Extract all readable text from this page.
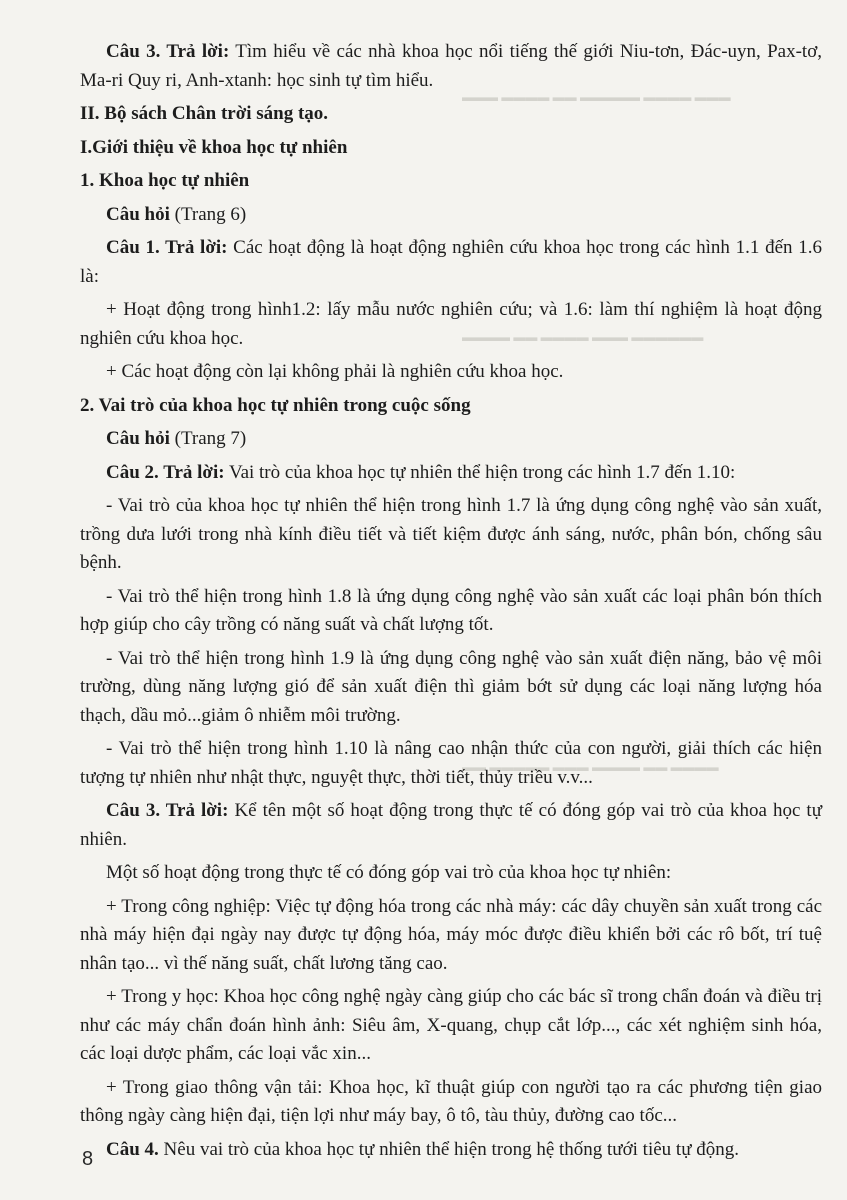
▬▬▬ ▬▬▬▬ ▬▬ ▬▬▬▬▬ ▬▬▬▬ ▬▬▬
▬▬▬▬ ▬▬ ▬▬▬▬ ▬▬▬ ▬▬▬▬▬▬
▬▬ ▬▬▬▬▬ ▬▬▬ ▬▬▬▬ ▬▬ ▬▬▬▬

Câu 3. Trả lời: Tìm hiểu về các nhà khoa học nổi tiếng thế giới Niu-tơn, Đác-uyn, Pax-tơ, Ma-ri Quy ri, Anh-xtanh: học sinh tự tìm hiểu.

II. Bộ sách Chân trời sáng tạo.

I.Giới thiệu về khoa học tự nhiên

1. Khoa học tự nhiên

Câu hỏi (Trang 6)

Câu 1. Trả lời: Các hoạt động là hoạt động nghiên cứu khoa học trong các hình 1.1 đến 1.6 là:

+ Hoạt động trong hình1.2: lấy mẫu nước nghiên cứu; và 1.6: làm thí nghiệm là hoạt động nghiên cứu khoa học.

+ Các hoạt động còn lại không phải là nghiên cứu khoa học.

2. Vai trò của khoa học tự nhiên trong cuộc sống

Câu hỏi (Trang 7)

Câu 2. Trả lời: Vai trò của khoa học tự nhiên thể hiện trong các hình 1.7 đến 1.10:

- Vai trò của khoa học tự nhiên thể hiện trong hình 1.7 là ứng dụng công nghệ vào sản xuất, trồng dưa lưới trong nhà kính điều tiết và tiết kiệm được ánh sáng, nước, phân bón, chống sâu bệnh.

- Vai trò thể hiện trong hình 1.8 là ứng dụng công nghệ vào sản xuất các loại phân bón thích hợp giúp cho cây trồng có năng suất và chất lượng tốt.

- Vai trò thể hiện trong hình 1.9 là ứng dụng công nghệ vào sản xuất điện năng, bảo vệ môi trường, dùng năng lượng gió để sản xuất điện thì giảm bớt sử dụng các loại năng lượng hóa thạch, dầu mỏ...giảm ô nhiễm môi trường.

- Vai trò thể hiện trong hình 1.10 là nâng cao nhận thức của con người, giải thích các hiện tượng tự nhiên như nhật thực, nguyệt thực, thời tiết, thủy triều v.v...

Câu 3. Trả lời: Kể tên một số hoạt động trong thực tế có đóng góp vai trò của khoa học tự nhiên.

Một số hoạt động trong thực tế có đóng góp vai trò của khoa học tự nhiên:

+ Trong công nghiệp: Việc tự động hóa trong các nhà máy: các dây chuyền sản xuất trong các nhà máy hiện đại ngày nay được tự động hóa, máy móc được điều khiển bởi các rô bốt, trí tuệ nhân tạo... vì thế năng suất, chất lương tăng cao.

+ Trong y học: Khoa học công nghệ ngày càng giúp cho các bác sĩ trong chẩn đoán và điều trị như các máy chẩn đoán hình ảnh: Siêu âm, X-quang, chụp cắt lớp..., các xét nghiệm sinh hóa, các loại dược phẩm, các loại vắc xin...

+ Trong giao thông vận tải: Khoa học, kĩ thuật giúp con người tạo ra các phương tiện giao thông ngày càng hiện đại, tiện lợi như máy bay, ô tô, tàu thủy, đường cao tốc...

Câu 4. Nêu vai trò của khoa học tự nhiên thể hiện trong hệ thống tưới tiêu tự động.

8
